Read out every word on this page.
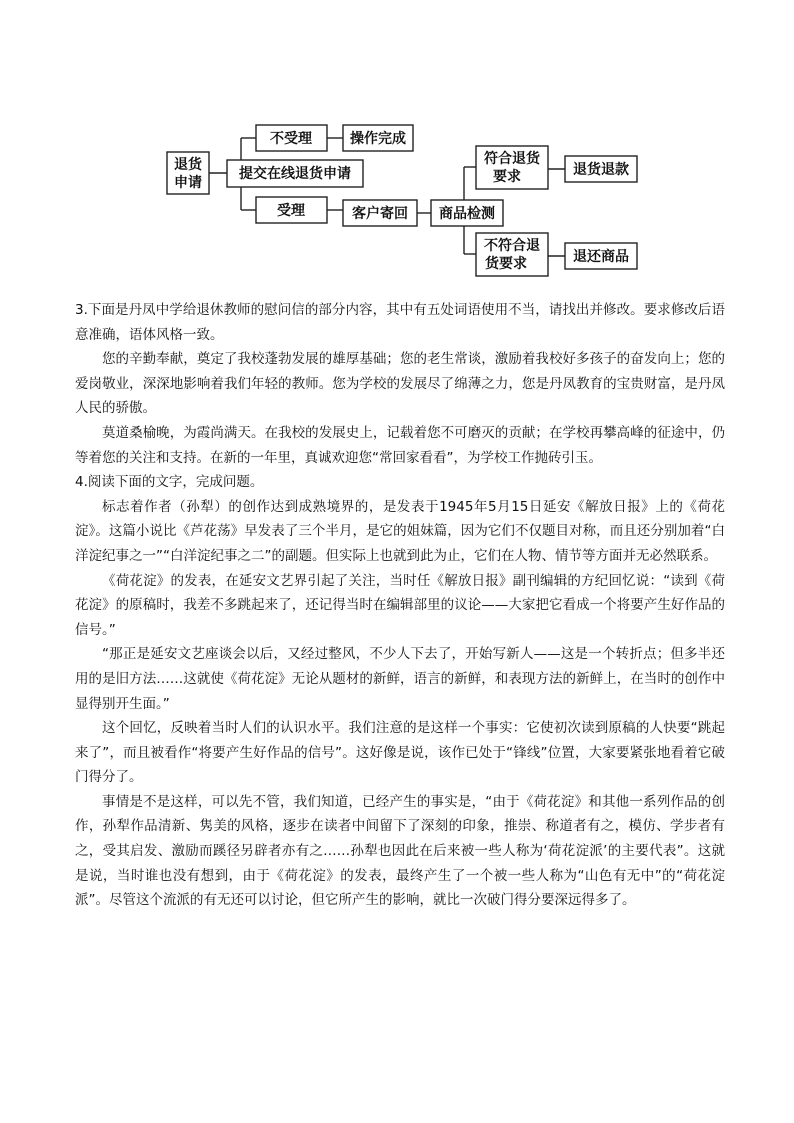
退货
申请
提交在线退货申请
不受理	操作完成
受理	客户寄回 商品检测
符合退货
要求	退货退款
不符合退
货要求	退还商品

3.下面是丹凤中学给退休教师的慰问信的部分内容，其中有五处词语使用不当，请找出并修改。要求修改后语意准确，语体风格一致。

您的辛勤奉献，奠定了我校蓬勃发展的雄厚基础；您的老生常谈，激励着我校好多孩子的奋发向上；您的爱岗敬业，深深地影响着我们年轻的教师。您为学校的发展尽了绵薄之力，您是丹凤教育的宝贵财富，是丹凤人民的骄傲。

莫道桑榆晚，为霞尚满天。在我校的发展史上，记载着您不可磨灭的贡献；在学校再攀高峰的征途中，仍等着您的关注和支持。在新的一年里，真诚欢迎您“常回家看看”，为学校工作抛砖引玉。

4.阅读下面的文字，完成问题。

标志着作者（孙犁）的创作达到成熟境界的，是发表于1945年5月15日延安《解放日报》上的《荷花淀》。这篇小说比《芦花荡》早发表了三个半月，是它的姐妹篇，因为它们不仅题目对称，而且还分别加着“白洋淀纪事之一”“白洋淀纪事之二”的副题。但实际上也就到此为止，它们在人物、情节等方面并无必然联系。

《荷花淀》的发表，在延安文艺界引起了关注，当时任《解放日报》副刊编辑的方纪回忆说：“读到《荷花淀》的原稿时，我差不多跳起来了，还记得当时在编辑部里的议论——大家把它看成一个将要产生好作品的信号。”

“那正是延安文艺座谈会以后，又经过整风，不少人下去了，开始写新人——这是一个转折点；但多半还用的是旧方法……这就使《荷花淀》无论从题材的新鲜，语言的新鲜，和表现方法的新鲜上，在当时的创作中显得别开生面。”

这个回忆，反映着当时人们的认识水平。我们注意的是这样一个事实：它使初次读到原稿的人快要“跳起来了”，而且被看作“将要产生好作品的信号”。这好像是说，该作已处于“锋线”位置，大家要紧张地看着它破门得分了。

事情是不是这样，可以先不管，我们知道，已经产生的事实是，“由于《荷花淀》和其他一系列作品的创作，孙犁作品清新、隽美的风格，逐步在读者中间留下了深刻的印象，推崇、称道者有之，模仿、学步者有之，受其启发、激励而蹊径另辟者亦有之……孙犁也因此在后来被一些人称为‘荷花淀派’的主要代表”。这就是说，当时谁也没有想到，由于《荷花淀》的发表，最终产生了一个被一些人称为“山色有无中”的“荷花淀派”。尽管这个流派的有无还可以讨论，但它所产生的影响，就比一次破门得分要深远得多了。
